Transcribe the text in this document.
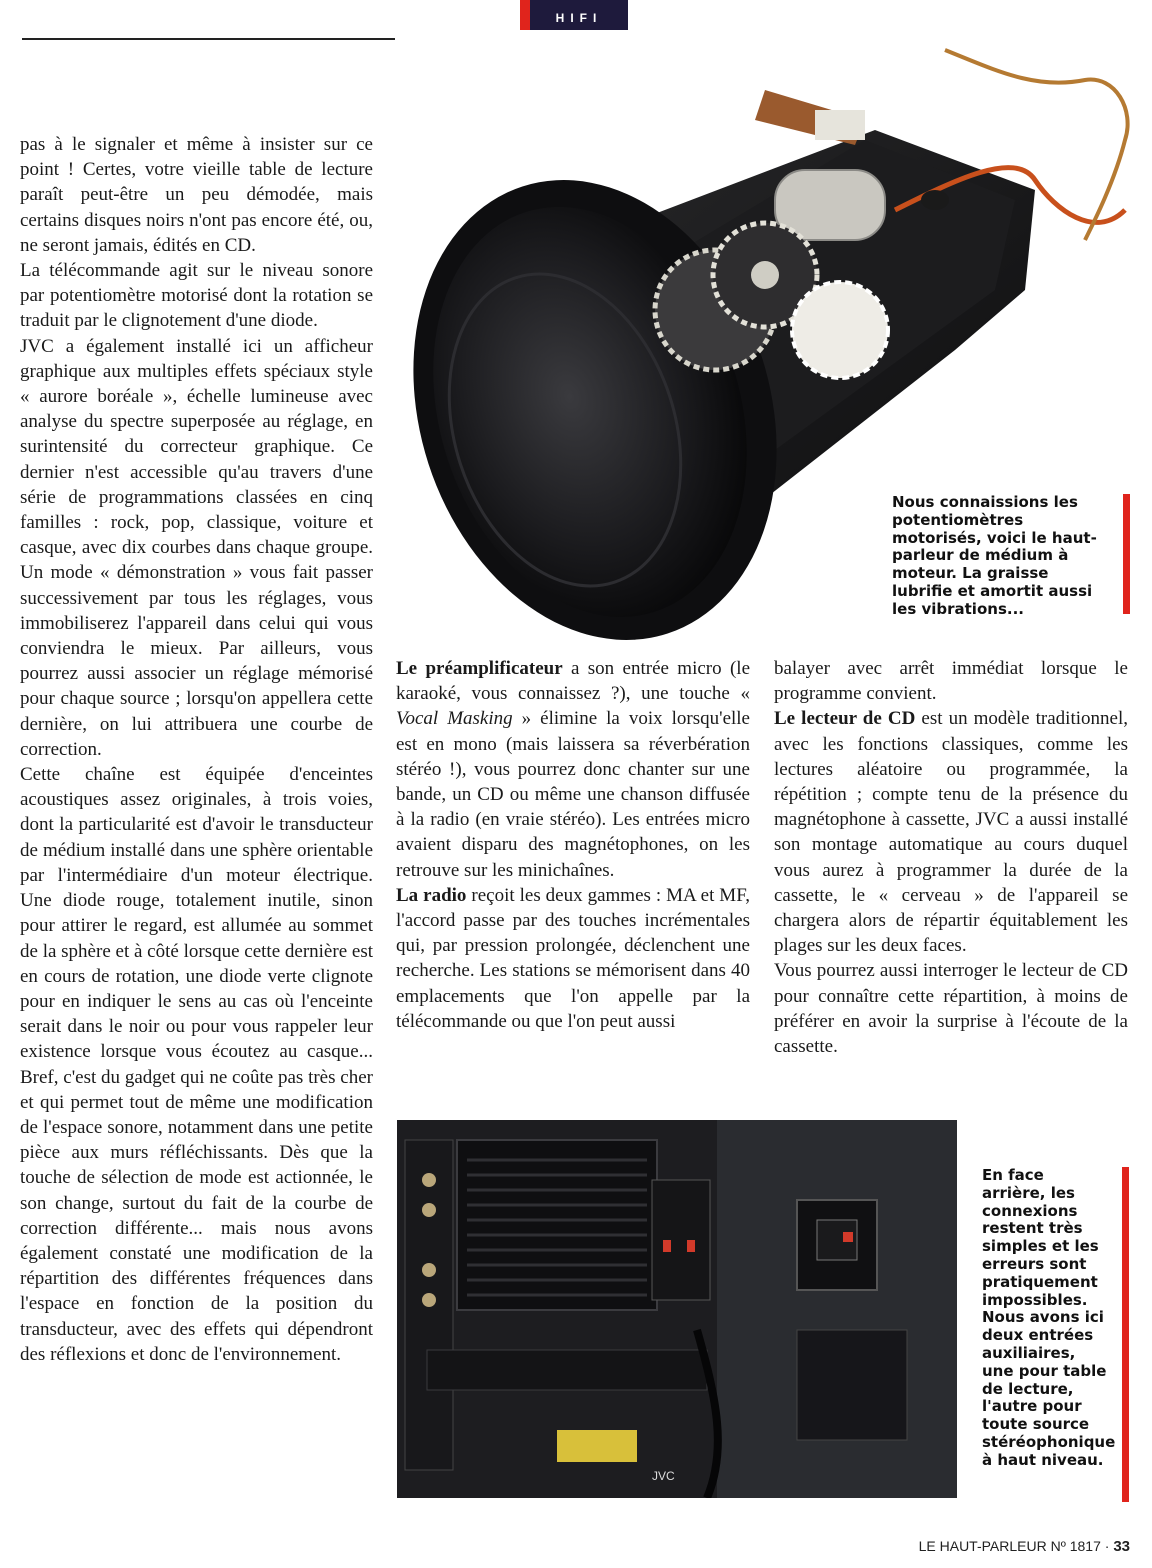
HIFI
Nous connaissions les potentiomètres motorisés, voici le haut-parleur de médium à moteur. La graisse lubrifie et amortit aussi les vibrations...

pas à le signaler et même à insister sur ce point ! Certes, votre vieille table de lecture paraît peut-être un peu démodée, mais certains disques noirs n'ont pas encore été, ou, ne seront jamais, édités en CD.

La télécommande agit sur le niveau sonore par potentiomètre motorisé dont la rotation se traduit par le clignotement d'une diode.

JVC a également installé ici un afficheur graphique aux multiples effets spéciaux style « aurore boréale », échelle lumineuse avec analyse du spectre superposée au réglage, en surintensité du correcteur graphique. Ce dernier n'est accessible qu'au travers d'une série de programmations classées en cinq familles : rock, pop, classique, voiture et casque, avec dix courbes dans chaque groupe. Un mode « démonstration » vous fait passer successivement par tous les réglages, vous immobiliserez l'appareil dans celui qui vous conviendra le mieux. Par ailleurs, vous pourrez aussi associer un réglage mémorisé pour chaque source ; lorsqu'on appellera cette dernière, on lui attribuera une courbe de correction.

Cette chaîne est équipée d'enceintes acoustiques assez originales, à trois voies, dont la particularité est d'avoir le transducteur de médium installé dans une sphère orientable par l'intermédiaire d'un moteur électrique. Une diode rouge, totalement inutile, sinon pour attirer le regard, est allumée au sommet de la sphère et à côté lorsque cette dernière est en cours de rotation, une diode verte clignote pour en indiquer le sens au cas où l'enceinte serait dans le noir ou pour vous rappeler leur existence lorsque vous écoutez au casque... Bref, c'est du gadget qui ne coûte pas très cher et qui permet tout de même une modification de l'espace sonore, notamment dans une petite pièce aux murs réfléchissants. Dès que la touche de sélection de mode est actionnée, le son change, surtout du fait de la courbe de correction différente... mais nous avons également constaté une modification de la répartition des différentes fréquences dans l'espace en fonction de la position du transducteur, avec des effets qui dépendront des réflexions et donc de l'environnement.

Le préamplificateur a son entrée micro (le karaoké, vous connaissez ?), une touche « Vocal Masking » élimine la voix lorsqu'elle est en mono (mais laissera sa réverbération stéréo !), vous pourrez donc chanter sur une bande, un CD ou même une chanson diffusée à la radio (en vraie stéréo). Les entrées micro avaient disparu des magnétophones, on les retrouve sur les minichaînes.

La radio reçoit les deux gammes : MA et MF, l'accord passe par des touches incrémentales qui, par pression prolongée, déclenchent une recherche. Les stations se mémorisent dans 40 emplacements que l'on appelle par la télécommande ou que l'on peut aussi

balayer avec arrêt immédiat lorsque le programme convient.

Le lecteur de CD est un modèle traditionnel, avec les fonctions classiques, comme les lectures aléatoire ou programmée, la répétition ; compte tenu de la présence du magnétophone à cassette, JVC a aussi installé son montage automatique au cours duquel vous aurez à programmer la durée de la cassette, le « cerveau » de l'appareil se chargera alors de répartir équitablement les plages sur les deux faces.

Vous pourrez aussi interroger le lecteur de CD pour connaître cette répartition, à moins de préférer en avoir la surprise à l'écoute de la cassette.

JVC
En face arrière, les connexions restent très simples et les erreurs sont pratiquement impossibles. Nous avons ici deux entrées auxiliaires, une pour table de lecture, l'autre pour toute source stéréophonique à haut niveau.
LE HAUT-PARLEUR Nº 1817 · 33
